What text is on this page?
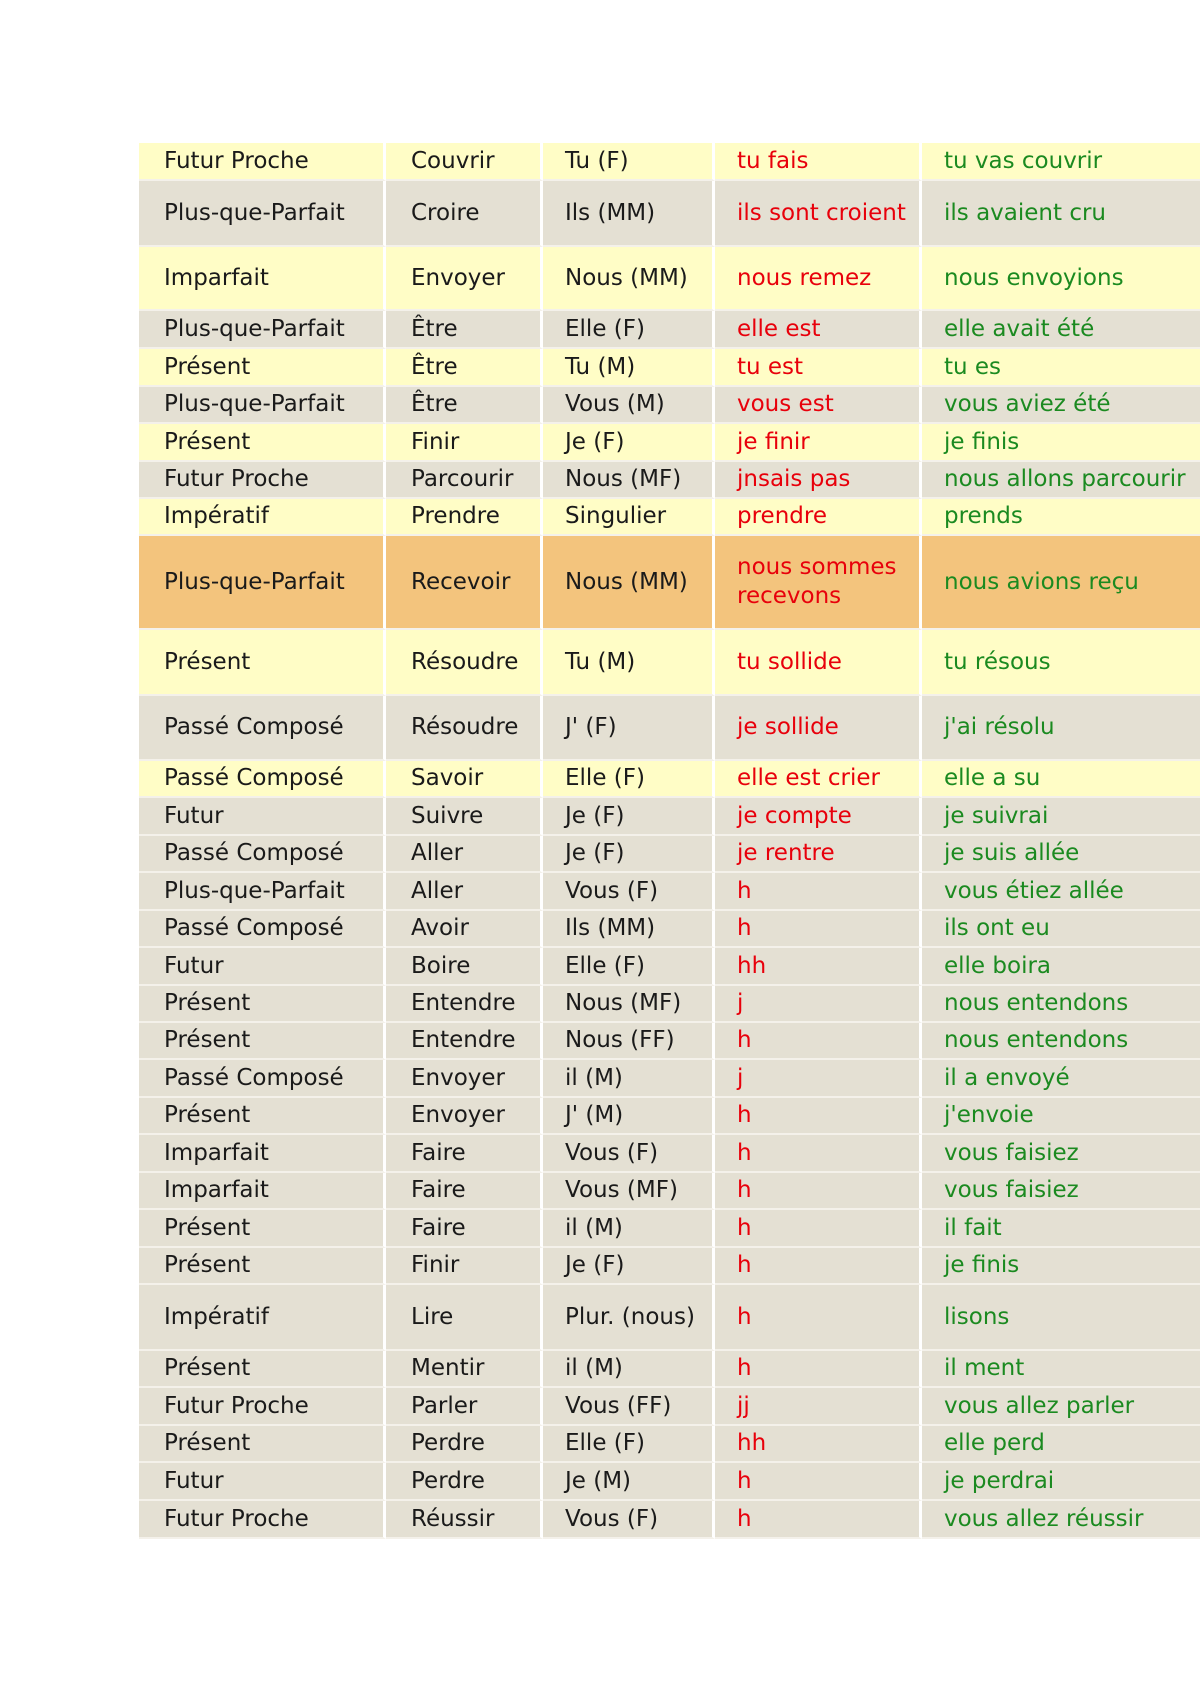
Futur Proche	Couvrir	Tu (F)	tu fais	tu vas couvrir
Plus-que-Parfait	Croire	Ils (MM)	ils sont croient	ils avaient cru
Imparfait	Envoyer	Nous (MM)	nous remez	nous envoyions
Plus-que-Parfait	Être	Elle (F)	elle est	elle avait été
Présent	Être	Tu (M)	tu est	tu es
Plus-que-Parfait	Être	Vous (M)	vous est	vous aviez été
Présent	Finir	Je (F)	je finir	je finis
Futur Proche	Parcourir	Nous (MF)	jnsais pas	nous allons parcourir
Impératif	Prendre	Singulier	prendre	prends
Plus-que-Parfait	Recevoir	Nous (MM)	nous sommes recevons	nous avions reçu
Présent	Résoudre	Tu (M)	tu sollide	tu résous
Passé Composé	Résoudre	J' (F)	je sollide	j'ai résolu
Passé Composé	Savoir	Elle (F)	elle est crier	elle a su
Futur	Suivre	Je (F)	je compte	je suivrai
Passé Composé	Aller	Je (F)	je rentre	je suis allée
Plus-que-Parfait	Aller	Vous (F)	h	vous étiez allée
Passé Composé	Avoir	Ils (MM)	h	ils ont eu
Futur	Boire	Elle (F)	hh	elle boira
Présent	Entendre	Nous (MF)	j	nous entendons
Présent	Entendre	Nous (FF)	h	nous entendons
Passé Composé	Envoyer	il (M)	j	il a envoyé
Présent	Envoyer	J' (M)	h	j'envoie
Imparfait	Faire	Vous (F)	h	vous faisiez
Imparfait	Faire	Vous (MF)	h	vous faisiez
Présent	Faire	il (M)	h	il fait
Présent	Finir	Je (F)	h	je finis
Impératif	Lire	Plur. (nous)	h	lisons
Présent	Mentir	il (M)	h	il ment
Futur Proche	Parler	Vous (FF)	jj	vous allez parler
Présent	Perdre	Elle (F)	hh	elle perd
Futur	Perdre	Je (M)	h	je perdrai
Futur Proche	Réussir	Vous (F)	h	vous allez réussir
